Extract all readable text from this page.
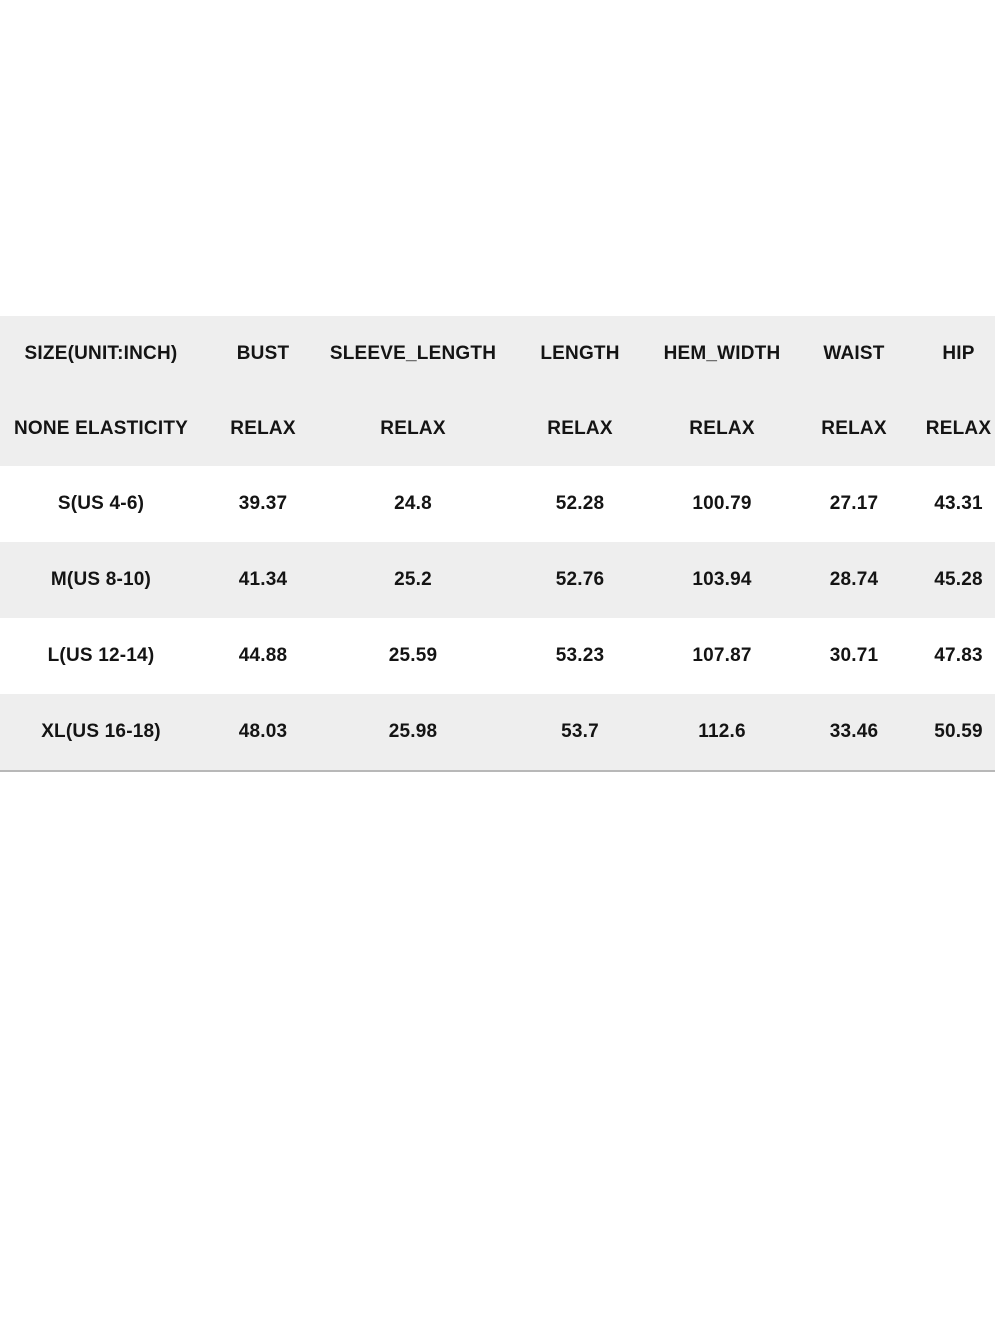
SIZE(UNIT:INCH)	BUST	SLEEVE_LENGTH	LENGTH	HEM_WIDTH	WAIST	HIP
NONE ELASTICITY	RELAX	RELAX	RELAX	RELAX	RELAX	RELAX
S(US 4-6)	39.37	24.8	52.28	100.79	27.17	43.31
M(US 8-10)	41.34	25.2	52.76	103.94	28.74	45.28
L(US 12-14)	44.88	25.59	53.23	107.87	30.71	47.83
XL(US 16-18)	48.03	25.98	53.7	112.6	33.46	50.59
